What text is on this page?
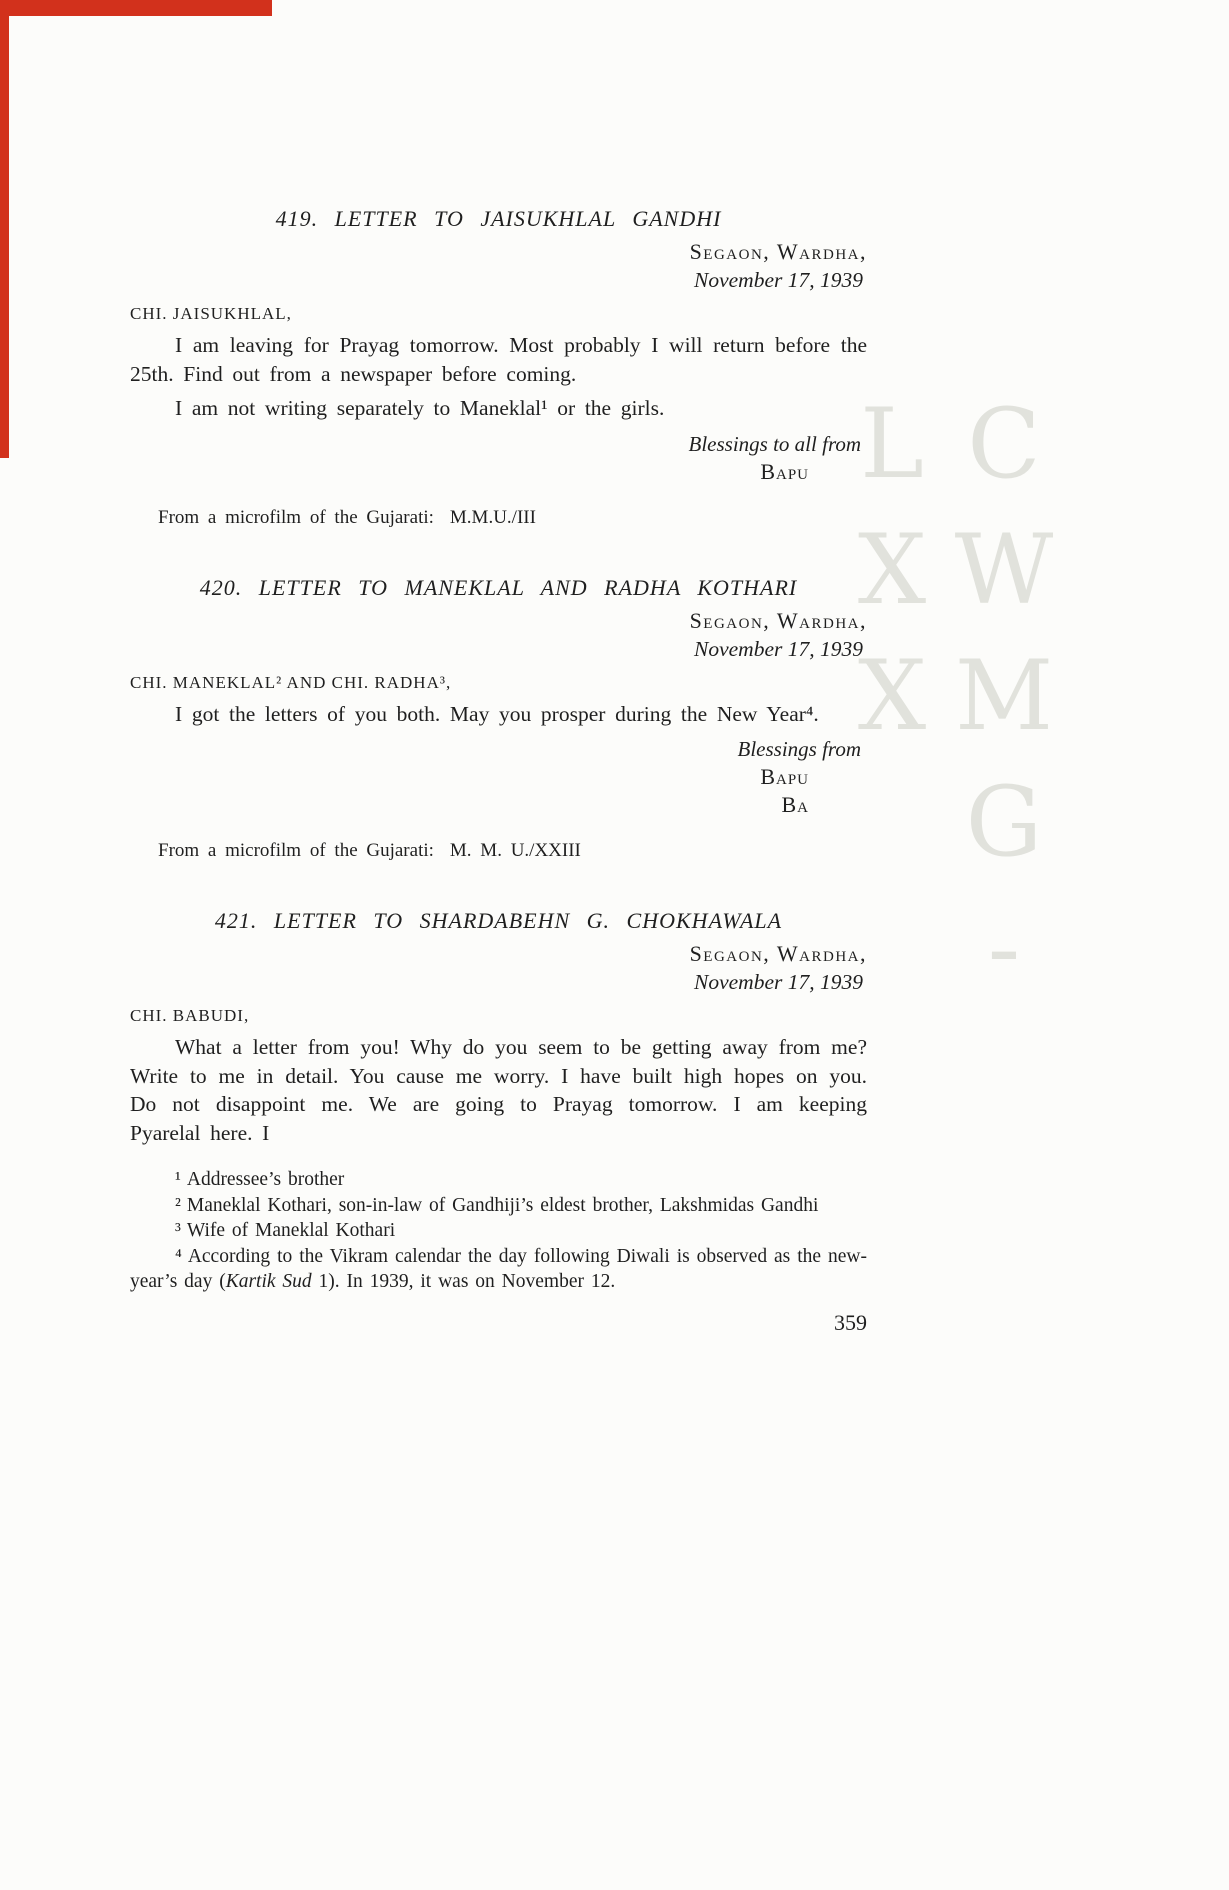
CWMG-LXX
419. LETTER TO JAISUKHLAL GANDHI
Segaon, Wardha,
November 17, 1939
CHI. JAISUKHLAL,

I am leaving for Prayag tomorrow. Most probably I will return before the 25th. Find out from a newspaper before coming.

I am not writing separately to Maneklal¹ or the girls.

Blessings to all from
Bapu
From a microfilm of the Gujarati: M.M.U./III
420. LETTER TO MANEKLAL AND RADHA KOTHARI
Segaon, Wardha,
November 17, 1939
CHI. MANEKLAL² AND CHI. RADHA³,

I got the letters of you both. May you prosper during the New Year⁴.

Blessings from
Bapu
Ba
From a microfilm of the Gujarati: M. M. U./XXIII
421. LETTER TO SHARDABEHN G. CHOKHAWALA
Segaon, Wardha,
November 17, 1939
CHI. BABUDI,

What a letter from you! Why do you seem to be getting away from me? Write to me in detail. You cause me worry. I have built high hopes on you. Do not disappoint me. We are going to Prayag tomorrow. I am keeping Pyarelal here. I

¹ Addressee’s brother

² Maneklal Kothari, son-in-law of Gandhiji’s eldest brother, Lakshmidas Gandhi

³ Wife of Maneklal Kothari

⁴ According to the Vikram calendar the day following Diwali is observed as the new-year’s day (Kartik Sud 1). In 1939, it was on November 12.

359
